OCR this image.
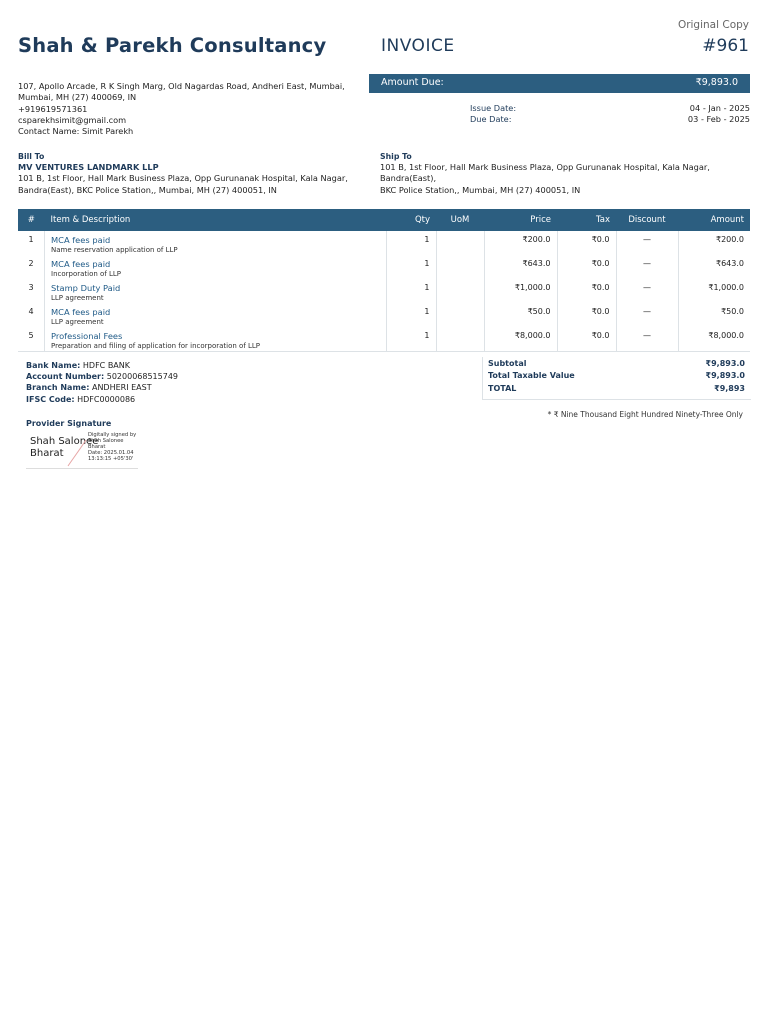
Original Copy
Shah & Parekh Consultancy	INVOICE	#961
107, Apollo Arcade, R K Singh Marg, Old Nagardas Road, Andheri East, Mumbai,
Mumbai, MH (27) 400069, IN
+919619571361
csparekhsimit@gmail.com
Contact Name: Simit Parekh
Amount Due:	₹9,893.0
Issue Date:	04 - Jan - 2025
Due Date:	03 - Feb - 2025
Bill To
MV VENTURES LANDMARK LLP
101 B, 1st Floor, Hall Mark Business Plaza, Opp Gurunanak Hospital, Kala Nagar,
Bandra(East), BKC Police Station,, Mumbai, MH (27) 400051, IN
Ship To
101 B, 1st Floor, Hall Mark Business Plaza, Opp Gurunanak Hospital, Kala Nagar, Bandra(East),
BKC Police Station,, Mumbai, MH (27) 400051, IN
#	Item & Description	Qty	UoM	Price	Tax	Discount	Amount
1	MCA fees paid
Name reservation application of LLP	1		₹200.0	₹0.0	—	₹200.0
2	MCA fees paid
Incorporation of LLP	1		₹643.0	₹0.0	—	₹643.0
3	Stamp Duty Paid
LLP agreement	1		₹1,000.0	₹0.0	—	₹1,000.0
4	MCA fees paid
LLP agreement	1		₹50.0	₹0.0	—	₹50.0
5	Professional Fees
Preparation and filing of application for incorporation of LLP	1		₹8,000.0	₹0.0	—	₹8,000.0
Bank Name: HDFC BANK
Account Number: 50200068515749
Branch Name: ANDHERI EAST
IFSC Code: HDFC0000086
Subtotal	₹9,893.0
Total Taxable Value	₹9,893.0
TOTAL	₹9,893
* ₹ Nine Thousand Eight Hundred Ninety-Three Only
Provider Signature
Shah Salonee
Bharat
Digitally signed by
Shah Salonee Bharat
Date: 2025.01.04
13:13:15 +05'30'
